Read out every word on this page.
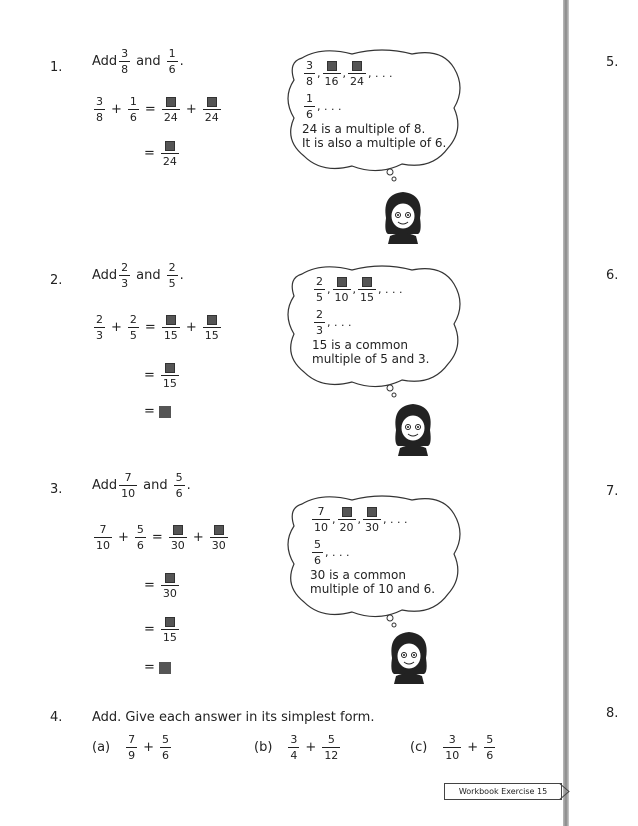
5.
6.
7.
8.
1. Add $\frac{3}{8}$ and $\frac{1}{6}$ .
$\frac{3}{8} + \frac{1}{6}$ =
24
+
24
=
24
$\frac{3}{8}$ ,
16
,
24
, . . .
$\frac{1}{6}$ , . . .
24 is a multiple of 8.
It is also a multiple of 6.
2. Add $\frac{2}{3}$ and $\frac{2}{5}$ .
$\frac{2}{3} + \frac{2}{5}$ =
15
+
15
=
15
=
$\frac{2}{5}$ ,
10
,
15
, . . .
$\frac{2}{3}$ , . . .
15 is a common
multiple of 5 and 3.
3. Add $\frac{7}{10}$ and $\frac{5}{6}$ .
$\frac{7}{10} + \frac{5}{6}$ =
30
+
30
=
30
=
15
=
$\frac{7}{10}$ ,
20
,
30
, . . .
$\frac{5}{6}$ , . . .
30 is a common
multiple of 10 and 6.
4. Add. Give each answer in its simplest form.
$(a) \frac{7}{9} + \frac{5}{6}$	$(b) \frac{3}{4} + \frac{5}{12}$	$(c) \frac{3}{10} + \frac{5}{6}$
Workbook Exercise 15
